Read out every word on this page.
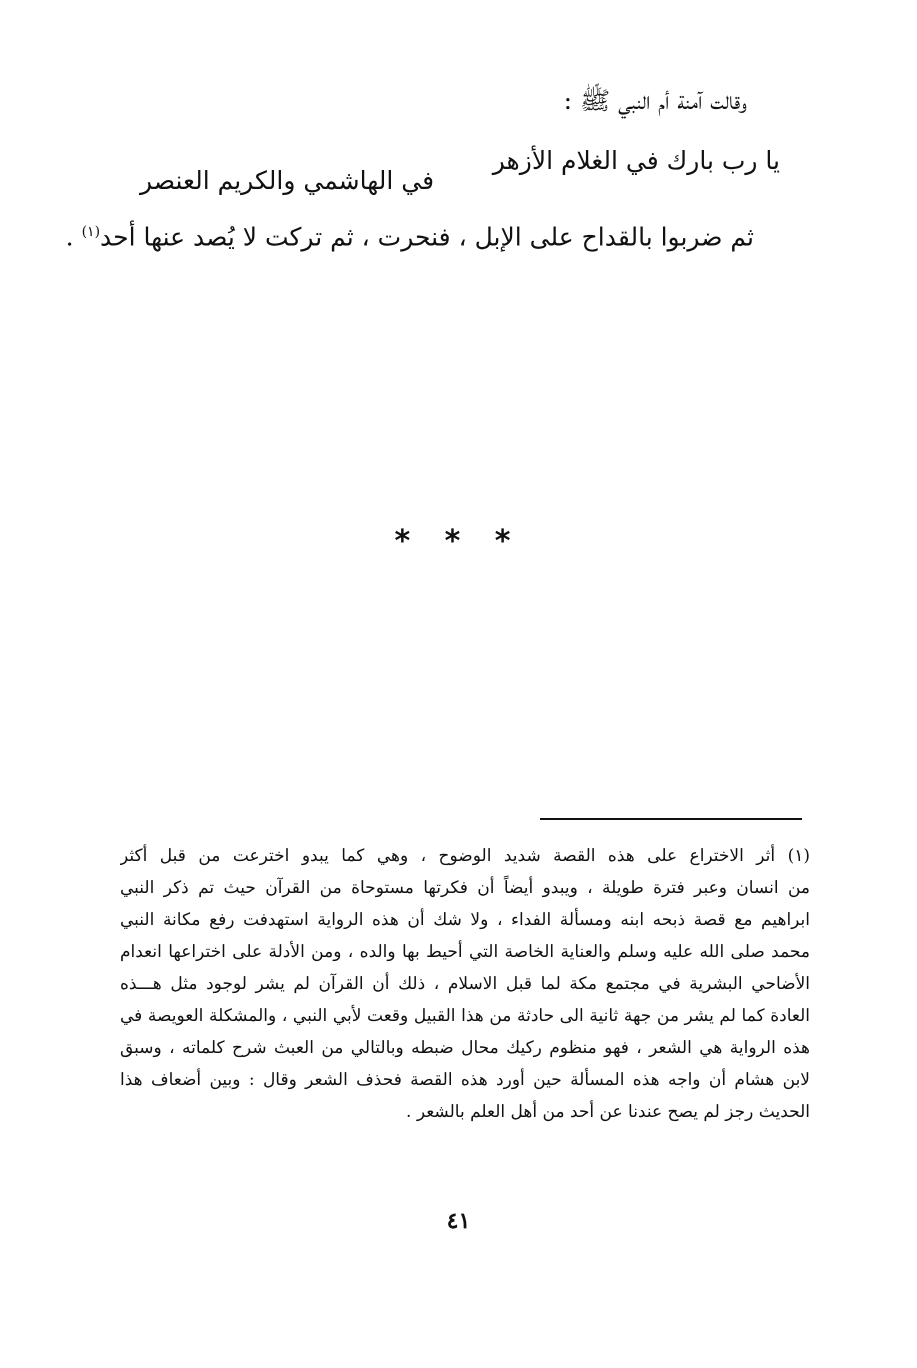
وقالت آمنة أم النبي ﷺ :
يا رب بارك في الغلام الأزهر
في الهاشمي والكريم العنصر
ثم ضربوا بالقداح على الإبل ، فنحرت ، ثم تركت لا يُصد عنها أحد$^{(١)}$ .
* * *
(١) أثر الاختراع على هذه القصة شديد الوضوح ، وهي كما يبدو اخترعت من قبل أكثر
من انسان وعبر فترة طويلة ، ويبدو أيضاً أن فكرتها مستوحاة من القرآن حيث تم ذكر النبي
ابراهيم مع قصة ذبحه ابنه ومسألة الفداء ، ولا شك أن هذه الرواية استهدفت رفع مكانة النبي
محمد صلى الله عليه وسلم والعناية الخاصة التي أحيط بها والده ، ومن الأدلة على اختراعها انعدام
الأضاحي البشرية في مجتمع مكة لما قبل الاسلام ، ذلك أن القرآن لم يشر لوجود مثل هـــذه
العادة كما لم يشر من جهة ثانية الى حادثة من هذا القبيل وقعت لأبي النبي ، والمشكلة العويصة في
هذه الرواية هي الشعر ، فهو منظوم ركيك محال ضبطه وبالتالي من العبث شرح كلماته ، وسبق
لابن هشام أن واجه هذه المسألة حين أورد هذه القصة فحذف الشعر وقال : وبين أضعاف هذا
الحديث رجز لم يصح عندنا عن أحد من أهل العلم بالشعر .
٤١
